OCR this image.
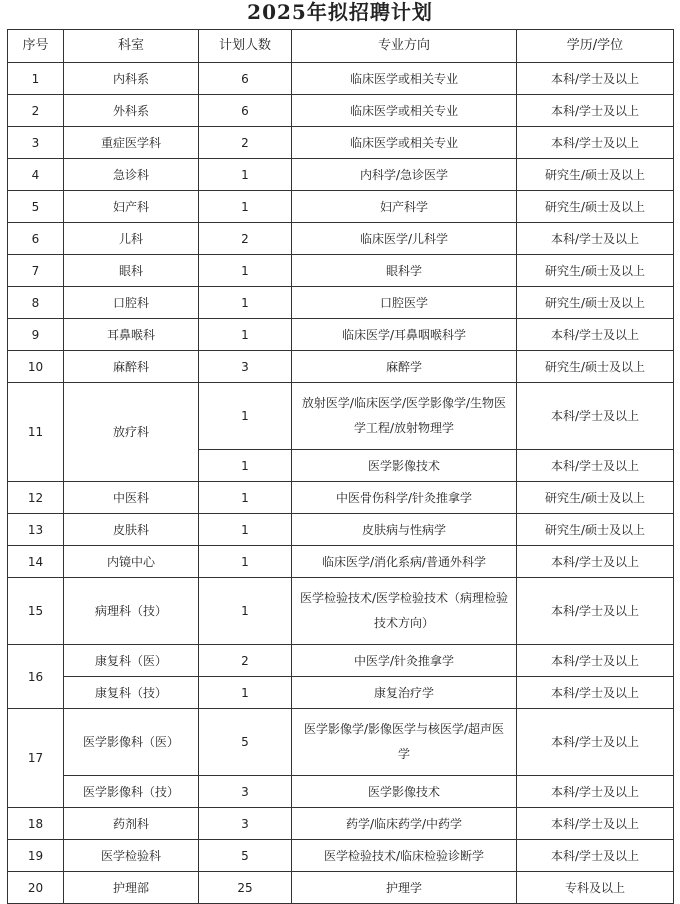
2025年拟招聘计划
序号	科室	计划人数	专业方向	学历/学位
1	内科系	6	临床医学或相关专业	本科/学士及以上
2	外科系	6	临床医学或相关专业	本科/学士及以上
3	重症医学科	2	临床医学或相关专业	本科/学士及以上
4	急诊科	1	内科学/急诊医学	研究生/硕士及以上
5	妇产科	1	妇产科学	研究生/硕士及以上
6	儿科	2	临床医学/儿科学	本科/学士及以上
7	眼科	1	眼科学	研究生/硕士及以上
8	口腔科	1	口腔医学	研究生/硕士及以上
9	耳鼻喉科	1	临床医学/耳鼻咽喉科学	本科/学士及以上
10	麻醉科	3	麻醉学	研究生/硕士及以上
11	放疗科	1	放射医学/临床医学/医学影像学/生物医学工程/放射物理学	本科/学士及以上
		1	医学影像技术	本科/学士及以上
12	中医科	1	中医骨伤科学/针灸推拿学	研究生/硕士及以上
13	皮肤科	1	皮肤病与性病学	研究生/硕士及以上
14	内镜中心	1	临床医学/消化系病/普通外科学	本科/学士及以上
15	病理科（技）	1	医学检验技术/医学检验技术（病理检验技术方向）	本科/学士及以上
16	康复科（医）	2	中医学/针灸推拿学	本科/学士及以上
	康复科（技）	1	康复治疗学	本科/学士及以上
17	医学影像科（医）	5	医学影像学/影像医学与核医学/超声医学	本科/学士及以上
	医学影像科（技）	3	医学影像技术	本科/学士及以上
18	药剂科	3	药学/临床药学/中药学	本科/学士及以上
19	医学检验科	5	医学检验技术/临床检验诊断学	本科/学士及以上
20	护理部	25	护理学	专科及以上
